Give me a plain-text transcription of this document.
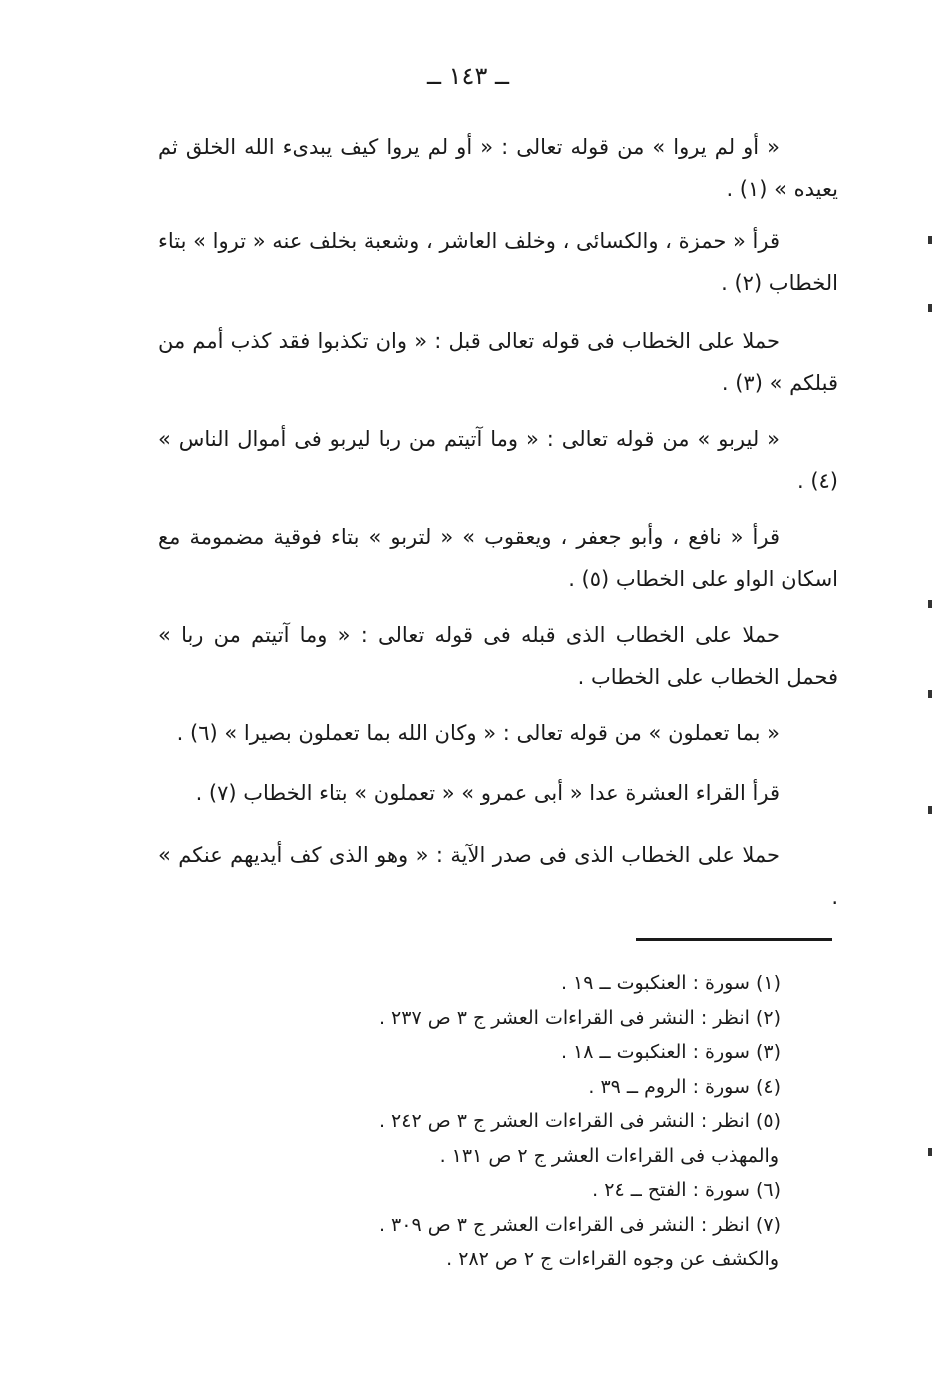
ــ ١٤٣ ــ

« أو لم يروا » من قوله تعالى : « أو لم يروا كيف يبدىء الله الخلق ثم يعيده » (١) .

قرأ « حمزة ، والكسائى ، وخلف العاشر ، وشعبة بخلف عنه « تروا » بتاء الخطاب (٢) .

حملا على الخطاب فى قوله تعالى قبل : « وان تكذبوا فقد كذب أمم من قبلكم » (٣) .

« ليربو » من قوله تعالى : « وما آتيتم من ربا ليربو فى أموال الناس » (٤) .

قرأ « نافع ، وأبو جعفر ، ويعقوب » « لتربو » بتاء فوقية مضمومة مع اسكان الواو على الخطاب (٥) .

حملا على الخطاب الذى قبله فى قوله تعالى : « وما آتيتم من ربا » فحمل الخطاب على الخطاب .

« بما تعملون » من قوله تعالى : « وكان الله بما تعملون بصيرا » (٦) .

قرأ القراء العشرة عدا « أبى عمرو » « تعملون » بتاء الخطاب (٧) .

حملا على الخطاب الذى فى صدر الآية : « وهو الذى كف أيديهم عنكم » .

(١) سورة : العنكبوت ــ ١٩ .
(٢) انظر : النشر فى القراءات العشر ج ٣ ص ٢٣٧ .
(٣) سورة : العنكبوت ــ ١٨ .
(٤) سورة : الروم ــ ٣٩ .
(٥) انظر : النشر فى القراءات العشر ج ٣ ص ٢٤٢ .
والمهذب فى القراءات العشر ج ٢ ص ١٣١ .
(٦) سورة : الفتح ــ ٢٤ .
(٧) انظر : النشر فى القراءات العشر ج ٣ ص ٣٠٩ .
والكشف عن وجوه القراءات ج ٢ ص ٢٨٢ .
